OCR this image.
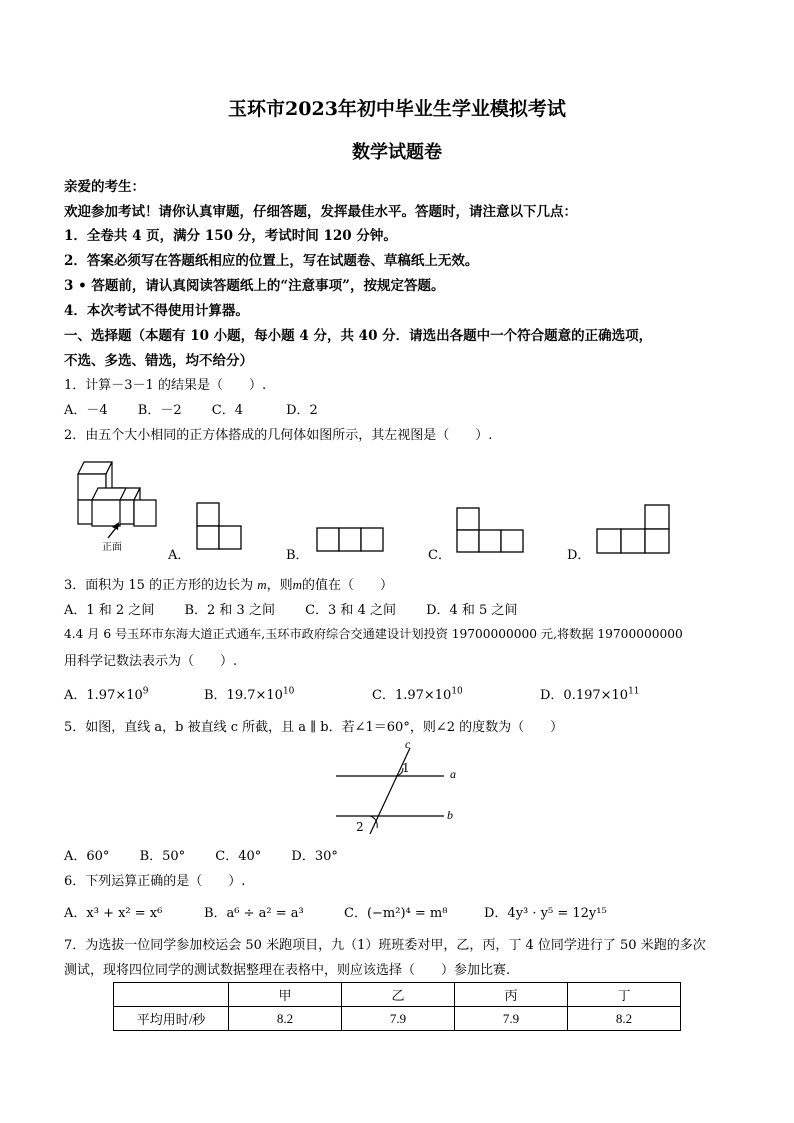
玉环市2023年初中毕业生学业模拟考试
数学试题卷
亲爱的考生：
欢迎参加考试！请你认真审题，仔细答题，发挥最佳水平。答题时，请注意以下几点：
1．全卷共 4 页，满分 150 分，考试时间 120 分钟。
2．答案必须写在答题纸相应的位置上，写在试题卷、草稿纸上无效。
3 • 答题前，请认真阅读答题纸上的“注意事项”，按规定答题。
4．本次考试不得使用计算器。
一、选择题（本题有 10 小题，每小题 4 分，共 40 分．请选出各题中一个符合题意的正确选项，
不选、多选、错选，均不给分）
1．计算－3－1 的结果是（　　）.
A．－4　　 B．－2　　 C．4　　　 D．2
2．由五个大小相同的正方体搭成的几何体如图所示，其左视图是（　　）.
正面
A．	B．	C．	D．
3．面积为 15 的正方形的边长为 m，则m的值在（　　）
A．1 和 2 之间　　 B．2 和 3 之间　　 C．3 和 4 之间　　 D．4 和 5 之间
4.4 月 6 号玉环市东海大道正式通车,玉环市政府综合交通建设计划投资 19700000000 元,将数据 19700000000
用科学记数法表示为（　　）.
A．$1.97\times 10^9$	B．$19.7\times 10^{10}$	C．$1.97\times 10^{10}$	D．$0.197\times 10^{11}$
5．如图，直线 a，b 被直线 c 所截，且 a ∥ b．若∠1＝60°，则∠2 的度数为（　　）
c
a
b
1
2
A．60°　　 B．50°　　 C．40°　　 D．30°
6．下列运算正确的是（　　）.
A．x³ + x² = x⁶	B．a⁶ ÷ a² = a³	C．(−m²)⁴ = m⁸	D．4y³ · y⁵ = 12y¹⁵
7．为选拔一位同学参加校运会 50 米跑项目，九（1）班班委对甲，乙，丙，丁 4 位同学进行了 50 米跑的多次
测试，现将四位同学的测试数据整理在表格中，则应该选择（　　）参加比赛.
	甲	乙	丙	丁
平均用时/秒	8.2	7.9	7.9	8.2
